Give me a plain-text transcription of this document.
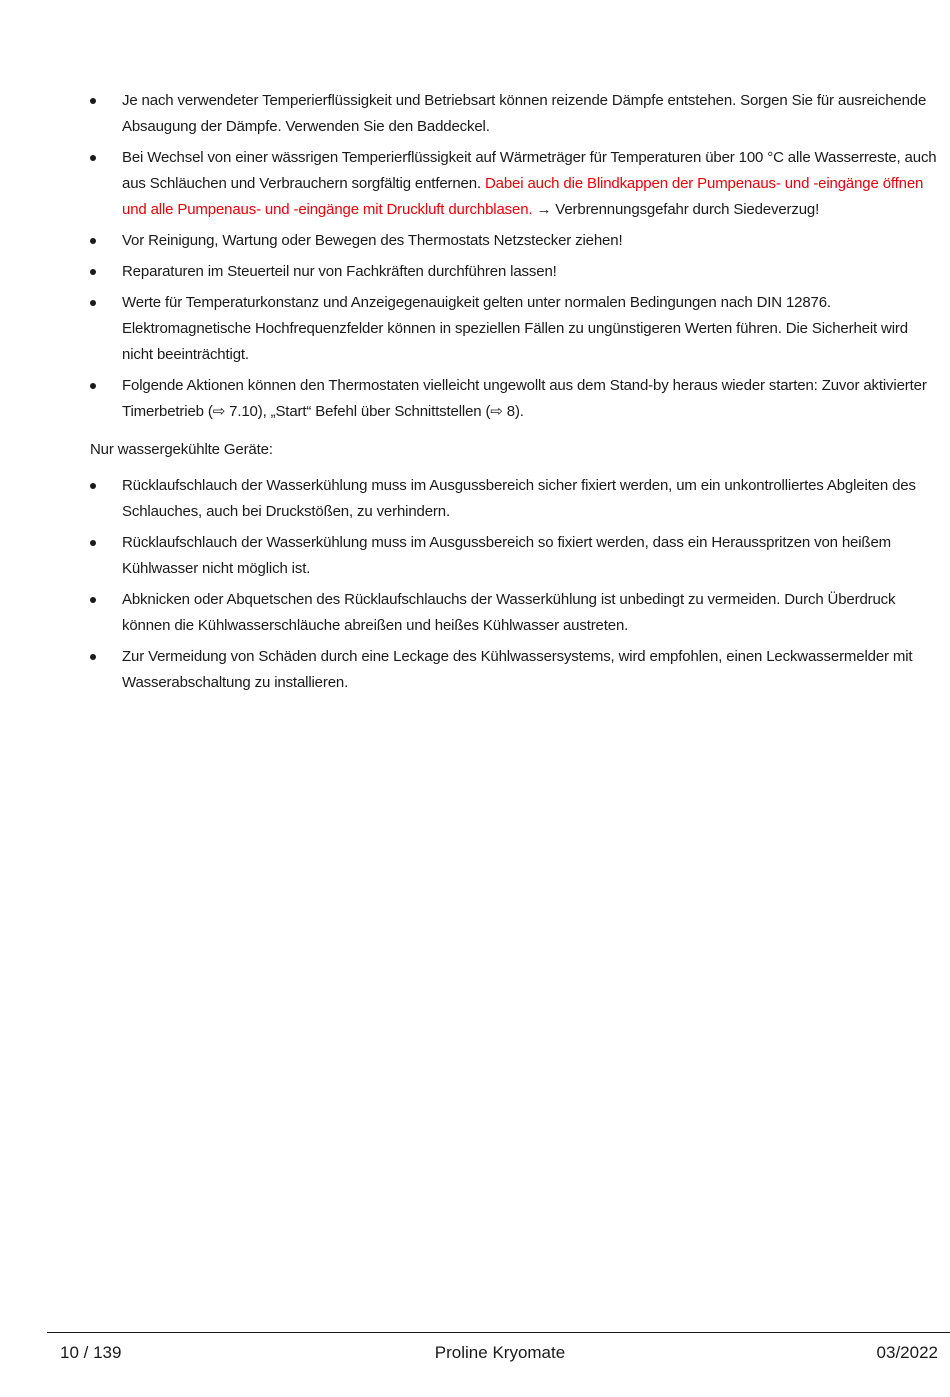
Je nach verwendeter Temperierflüssigkeit und Betriebsart können reizende Dämpfe entstehen. Sorgen Sie für ausreichende Absaugung der Dämpfe. Verwenden Sie den Baddeckel.
Bei Wechsel von einer wässrigen Temperierflüssigkeit auf Wärmeträger für Temperaturen über 100 °C alle Wasserreste, auch aus Schläuchen und Verbrauchern sorgfältig entfernen. Dabei auch die Blindkappen der Pumpenaus- und -eingänge öffnen und alle Pumpenaus- und -eingänge mit Druckluft durchblasen. → Verbrennungsgefahr durch Siedeverzug!
Vor Reinigung, Wartung oder Bewegen des Thermostats Netzstecker ziehen!
Reparaturen im Steuerteil nur von Fachkräften durchführen lassen!
Werte für Temperaturkonstanz und Anzeigegenauigkeit gelten unter normalen Bedingungen nach DIN 12876. Elektromagnetische Hochfrequenzfelder können in speziellen Fällen zu ungünstigeren Werten führen. Die Sicherheit wird nicht beeinträchtigt.
Folgende Aktionen können den Thermostaten vielleicht ungewollt aus dem Stand-by heraus wieder starten: Zuvor aktivierter Timerbetrieb (⇨ 7.10), „Start“ Befehl über Schnittstellen (⇨ 8).
Nur wassergekühlte Geräte:
Rücklaufschlauch der Wasserkühlung muss im Ausgussbereich sicher fixiert werden, um ein unkontrolliertes Abgleiten des Schlauches, auch bei Druckstößen, zu verhindern.
Rücklaufschlauch der Wasserkühlung muss im Ausgussbereich so fixiert werden, dass ein Herausspritzen von heißem Kühlwasser nicht möglich ist.
Abknicken oder Abquetschen des Rücklaufschlauchs der Wasserkühlung ist unbedingt zu vermeiden. Durch Überdruck können die Kühlwasserschläuche abreißen und heißes Kühlwasser austreten.
Zur Vermeidung von Schäden durch eine Leckage des Kühlwassersystems, wird empfohlen, einen Leckwassermelder mit Wasserabschaltung zu installieren.
10 / 139	Proline Kryomate	03/2022
